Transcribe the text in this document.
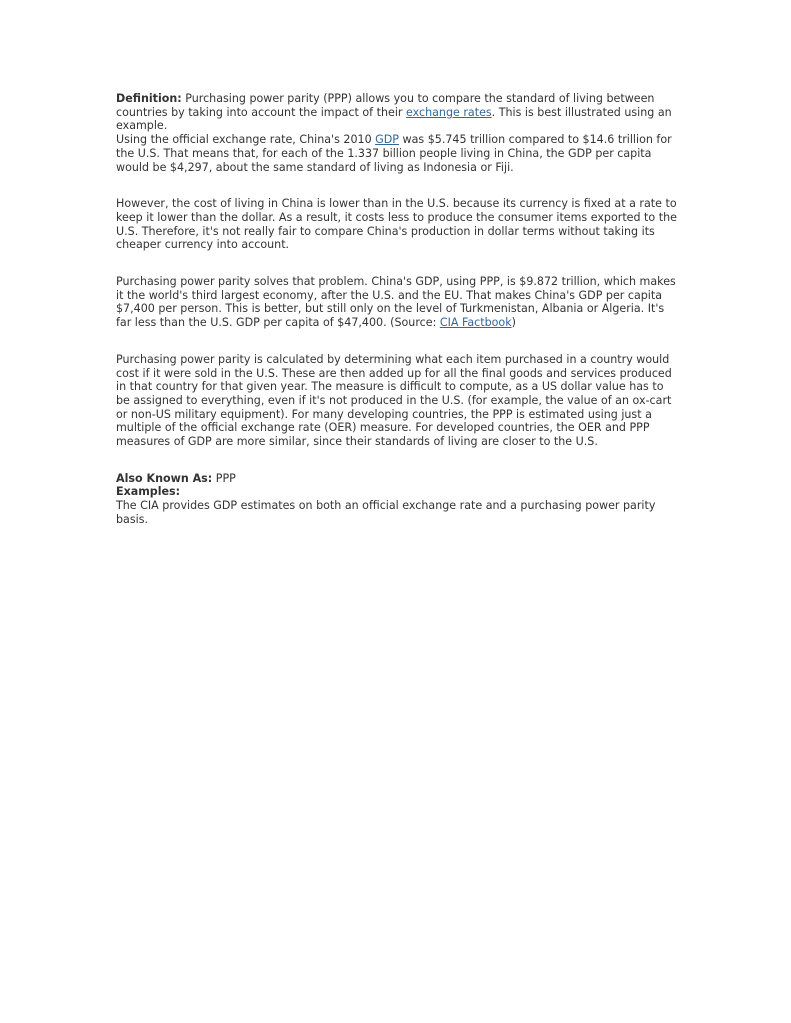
Definition: Purchasing power parity (PPP) allows you to compare the standard of living between countries by taking into account the impact of their exchange rates. This is best illustrated using an example.
Using the official exchange rate, China's 2010 GDP was $5.745 trillion compared to $14.6 trillion for the U.S. That means that, for each of the 1.337 billion people living in China, the GDP per capita would be $4,297, about the same standard of living as Indonesia or Fiji.

However, the cost of living in China is lower than in the U.S. because its currency is fixed at a rate to keep it lower than the dollar. As a result, it costs less to produce the consumer items exported to the U.S. Therefore, it's not really fair to compare China's production in dollar terms without taking its cheaper currency into account.

Purchasing power parity solves that problem. China's GDP, using PPP, is $9.872 trillion, which makes it the world's third largest economy, after the U.S. and the EU. That makes China's GDP per capita $7,400 per person. This is better, but still only on the level of Turkmenistan, Albania or Algeria. It's far less than the U.S. GDP per capita of $47,400. (Source: CIA Factbook)

Purchasing power parity is calculated by determining what each item purchased in a country would cost if it were sold in the U.S. These are then added up for all the final goods and services produced in that country for that given year. The measure is difficult to compute, as a US dollar value has to be assigned to everything, even if it's not produced in the U.S. (for example, the value of an ox-cart or non-US military equipment). For many developing countries, the PPP is estimated using just a multiple of the official exchange rate (OER) measure. For developed countries, the OER and PPP measures of GDP are more similar, since their standards of living are closer to the U.S.

Also Known As: PPP

Examples:

The CIA provides GDP estimates on both an official exchange rate and a purchasing power parity basis.
